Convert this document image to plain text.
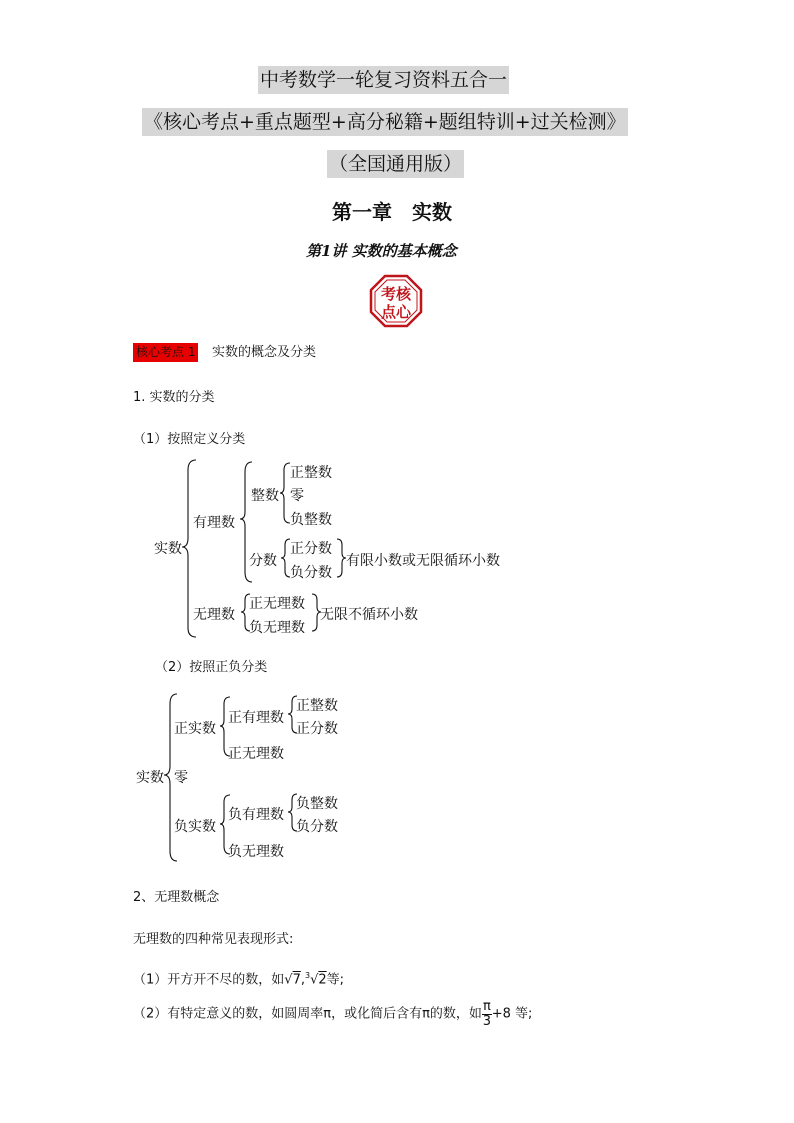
中考数学一轮复习资料五合一
《核心考点+重点题型+高分秘籍+题组特训+过关检测》
（全国通用版）
第一章　实数
第1讲 实数的基本概念
考核
点心
核心考点 1 实数的概念及分类
1. 实数的分类
（1）按照定义分类
实数
有理数
整数
正整数
零
负整数
分数
正分数
负分数
有限小数或无限循环小数
无理数
正无理数
负无理数
无限不循环小数
（2）按照正负分类
实数
正实数
正有理数
正整数
正分数
正无理数
零
负实数
负有理数
负整数
负分数
负无理数
2、无理数概念
无理数的四种常见表现形式:
（1）开方开不尽的数，如√7,$^3$√2等;
（2）有特定意义的数，如圆周率π，或化简后含有π的数，如 $\frac{\pi}{3} +8$ 等;
